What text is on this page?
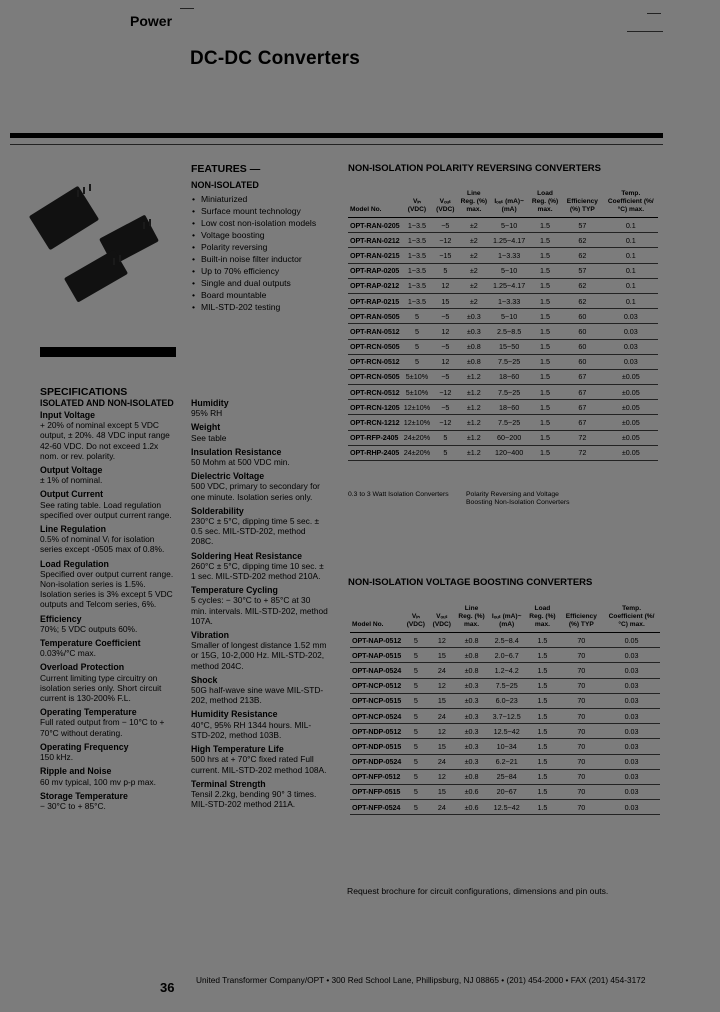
Power
DC-DC Converters
FEATURES —
NON-ISOLATED
• Miniaturized
• Surface mount technology
• Low cost non-isolation models
• Voltage boosting
• Polarity reversing
• Built-in noise filter inductor
• Up to 70% efficiency
• Single and dual outputs
• Board mountable
• MIL-STD-202 testing
SPECIFICATIONS
ISOLATED AND NON-ISOLATED
Input Voltage
+ 20% of nominal except 5 VDC output, ± 20%. 48 VDC input range 42-60 VDC. Do not exceed 1.2x nom. or rev. polarity.
Output Voltage
± 1% of nominal.
Output Current
See rating table. Load regulation specified over output current range.
Line Regulation
0.5% of nominal Vᵢ for isolation series except -0505 max of 0.8%.
Load Regulation
Specified over output current range. Non-isolation series is 1.5%. Isolation series is 3% except 5 VDC outputs and Telcom series, 6%.
Efficiency
70%; 5 VDC outputs 60%.
Temperature Coefficient
0.03%/°C max.
Overload Protection
Current limiting type circuitry on isolation series only. Short circuit current is 130-200% F.L.
Operating Temperature
Full rated output from − 10°C to + 70°C without derating.
Operating Frequency
150 kHz.
Ripple and Noise
60 mv typical, 100 mv p-p max.
Storage Temperature
− 30°C to + 85°C.
Humidity
95% RH
Weight
See table
Insulation Resistance
50 Mohm at 500 VDC min.
Dielectric Voltage
500 VDC, primary to secondary for one minute. Isolation series only.
Solderability
230°C ± 5°C, dipping time 5 sec. ± 0.5 sec. MIL-STD-202, method 208C.
Soldering Heat Resistance
260°C ± 5°C, dipping time 10 sec. ± 1 sec. MIL-STD-202 method 210A.
Temperature Cycling
5 cycles: − 30°C to + 85°C at 30 min. intervals. MIL-STD-202, method 107A.
Vibration
Smaller of longest distance 1.52 mm or 15G, 10-2,000 Hz. MIL-STD-202, method 204C.
Shock
50G half-wave sine wave MIL-STD-202, method 213B.
Humidity Resistance
40°C, 95% RH 1344 hours. MIL-STD-202, method 103B.
High Temperature Life
500 hrs at + 70°C fixed rated Full current. MIL-STD-202 method 108A.
Terminal Strength
Tensil 2.2kg, bending 90° 3 times. MIL-STD-202 method 211A.
NON-ISOLATION POLARITY REVERSING CONVERTERS
Model No.	Vᵢₙ (VDC)	Vₒᵤₜ (VDC)	Line Reg. (%) max.	Iₒᵤₜ (mA)~(mA)	Load Reg. (%) max.	Efficiency (%) TYP	Temp. Coefficient (%/°C) max.
OPT-RAN-0205	1~3.5	−5	±2	5~10	1.5	57	0.1
OPT-RAN-0212	1~3.5	−12	±2	1.25~4.17	1.5	62	0.1
OPT-RAN-0215	1~3.5	−15	±2	1~3.33	1.5	62	0.1
OPT-RAP-0205	1~3.5	5	±2	5~10	1.5	57	0.1
OPT-RAP-0212	1~3.5	12	±2	1.25~4.17	1.5	62	0.1
OPT-RAP-0215	1~3.5	15	±2	1~3.33	1.5	62	0.1
OPT-RAN-0505	5	−5	±0.3	5~10	1.5	60	0.03
OPT-RAN-0512	5	12	±0.3	2.5~8.5	1.5	60	0.03
OPT-RCN-0505	5	−5	±0.8	15~50	1.5	60	0.03
OPT-RCN-0512	5	12	±0.8	7.5~25	1.5	60	0.03
OPT-RCN-0505	5±10%	−5	±1.2	18~60	1.5	67	±0.05
OPT-RCN-0512	5±10%	−12	±1.2	7.5~25	1.5	67	±0.05
OPT-RCN-1205	12±10%	−5	±1.2	18~60	1.5	67	±0.05
OPT-RCN-1212	12±10%	−12	±1.2	7.5~25	1.5	67	±0.05
OPT-RFP-2405	24±20%	5	±1.2	60~200	1.5	72	±0.05
OPT-RHP-2405	24±20%	5	±1.2	120~400	1.5	72	±0.05
0.3 to 3 Watt Isolation Converters	Polarity Reversing and Voltage Boosting Non-Isolation Converters
NON-ISOLATION VOLTAGE BOOSTING CONVERTERS
Model No.	Vᵢₙ (VDC)	Vₒᵤₜ (VDC)	Line Reg. (%) max.	Iₒᵤₜ (mA)~(mA)	Load Reg. (%) max.	Efficiency (%) TYP	Temp. Coefficient (%/°C) max.
OPT-NAP-0512	5	12	±0.8	2.5~8.4	1.5	70	0.05
OPT-NAP-0515	5	15	±0.8	2.0~6.7	1.5	70	0.03
OPT-NAP-0524	5	24	±0.8	1.2~4.2	1.5	70	0.03
OPT-NCP-0512	5	12	±0.3	7.5~25	1.5	70	0.03
OPT-NCP-0515	5	15	±0.3	6.0~23	1.5	70	0.03
OPT-NCP-0524	5	24	±0.3	3.7~12.5	1.5	70	0.03
OPT-NDP-0512	5	12	±0.3	12.5~42	1.5	70	0.03
OPT-NDP-0515	5	15	±0.3	10~34	1.5	70	0.03
OPT-NDP-0524	5	24	±0.3	6.2~21	1.5	70	0.03
OPT-NFP-0512	5	12	±0.8	25~84	1.5	70	0.03
OPT-NFP-0515	5	15	±0.6	20~67	1.5	70	0.03
OPT-NFP-0524	5	24	±0.6	12.5~42	1.5	70	0.03
Request brochure for circuit configurations, dimensions and pin outs.
36	United Transformer Company/OPT • 300 Red School Lane, Phillipsburg, NJ 08865 • (201) 454-2000 • FAX (201) 454-3172
